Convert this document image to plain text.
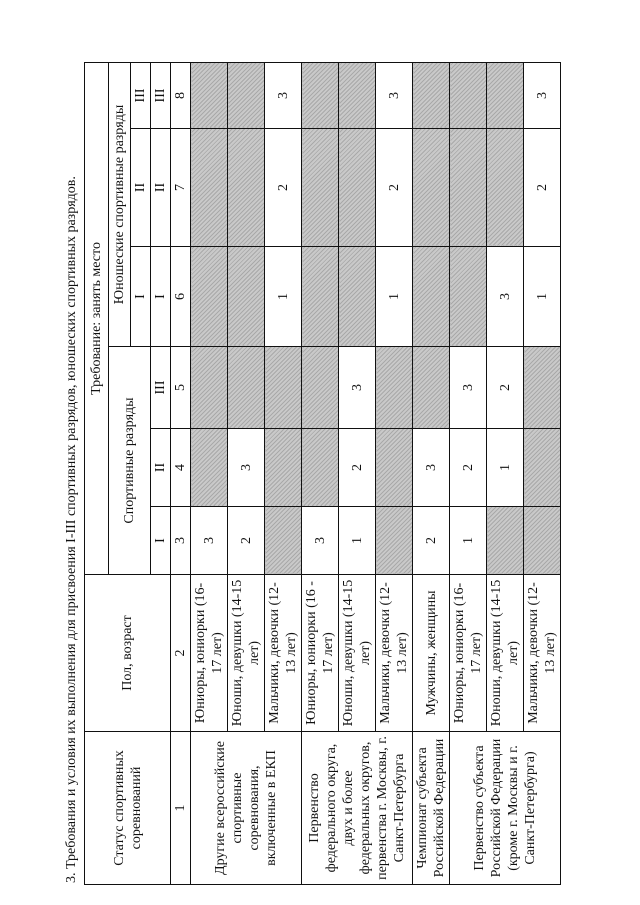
3. Требования и условия их выполнения для присвоения I-III спортивных разрядов, юношеских спортивных разрядов. Статус спортивных соревнований	Пол, возраст	Требование: занять место					
		Спортивные разряды			Юношеские спортивные разряды		
					I	II	III
		I	II	III	I	II	III
1	2	3	4	5	6	7	8
Другие всероссийские спортивные соревнования, включенные в ЕКП	Юниоры, юниорки (16-17 лет)	3					
	Юноши, девушки (14-15 лет)	2	3				
	Мальчики, девочки (12-13 лет)				1	2	3
Первенство федерального округа, двух и более федеральных округов, первенства г. Москвы, г. Санкт-Петербурга	Юниоры, юниорки (16 - 17 лет)	3					
	Юноши, девушки (14-15 лет)	1	2	3			
	Мальчики, девочки (12-13 лет)				1	2	3
Чемпионат субъекта Российской Федерации	Мужчины, женщины	2	3				
Первенство субъекта Российской Федерации (кроме г. Москвы и г. Санкт-Петербурга)	Юниоры, юниорки (16-17 лет)	1	2	3			
	Юноши, девушки (14-15 лет)		1	2	3		
	Мальчики, девочки (12-13 лет)				1	2	3
